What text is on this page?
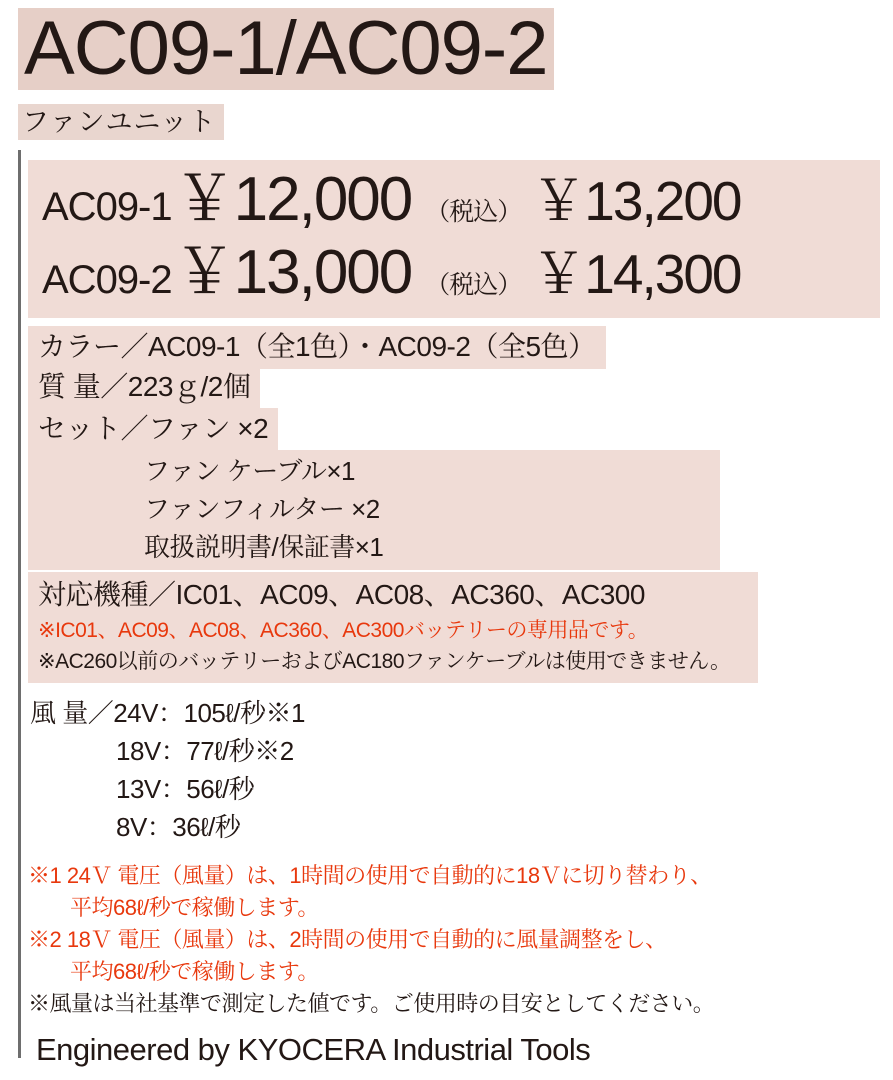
AC09-1/AC09-2
ファンユニット
AC09-1 ￥12,000 （税込） ￥13,200
AC09-2 ￥13,000 （税込） ￥14,300
カラー／AC09-1（全1色）・AC09-2（全5色）
質 量／223ｇ/2個
セット／ファン ×2
ファン ケーブル×1
ファンフィルター ×2
取扱説明書/保証書×1
対応機種／IC01、AC09、AC08、AC360、AC300
※IC01、AC09、AC08、AC360、AC300バッテリーの専用品です。
※AC260以前のバッテリーおよびAC180ファンケーブルは使用できません。
風 量／24V：105ℓ/秒※1
18V：77ℓ/秒※2
13V：56ℓ/秒
8V：36ℓ/秒
※1 24Ｖ 電圧（風量）は、1時間の使用で自動的に18Ｖに切り替わり、
平均68ℓ/秒で稼働します。
※2 18Ｖ 電圧（風量）は、2時間の使用で自動的に風量調整をし、
平均68ℓ/秒で稼働します。
※風量は当社基準で測定した値です。ご使用時の目安としてください。
Engineered by KYOCERA Industrial Tools
